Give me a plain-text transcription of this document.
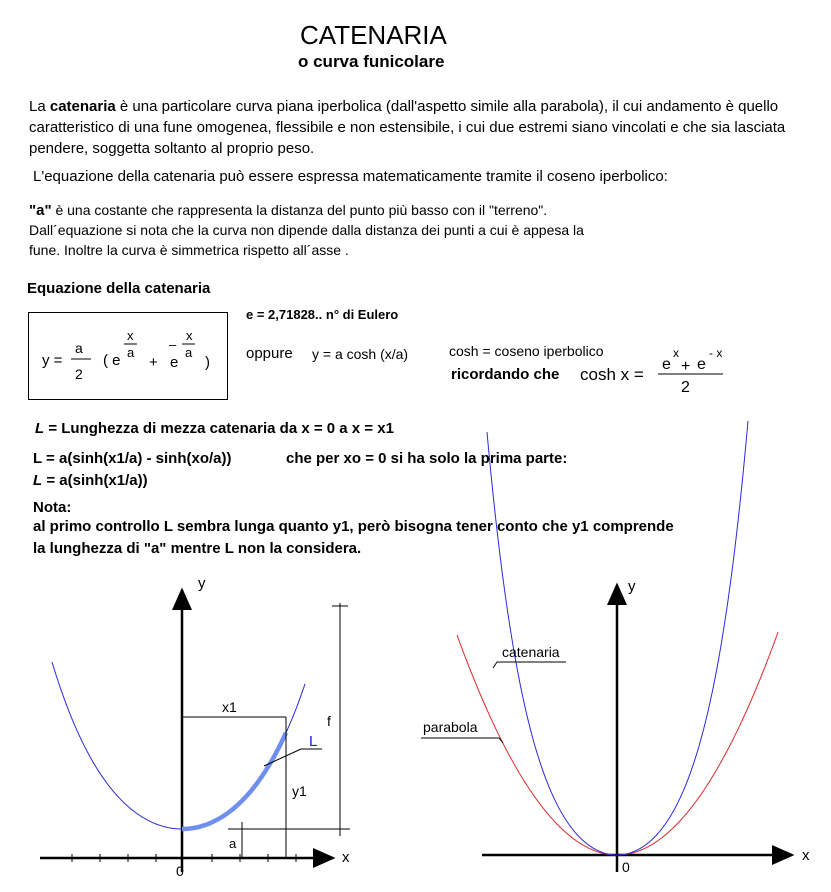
CATENARIA
o curva funicolare
La catenaria è una particolare curva piana iperbolica (dall'aspetto simile alla parabola), il cui andamento è quello
caratteristico di una fune omogenea, flessibile e non estensibile, i cui due estremi siano vincolati e che sia lasciata
pendere, soggetta soltanto al proprio peso.
L'equazione della catenaria può essere espressa matematicamente tramite il coseno iperbolico:
"a" è una costante che rappresenta la distanza del punto più basso con il "terreno".
Dall´equazione si nota che la curva non dipende dalla distanza dei punti a cui è appesa la
fune. Inoltre la curva è simmetrica rispetto all´asse .
Equazione della catenaria
e = 2,71828.. n° di Eulero
y =
a
2
( e
x
a
+ e
–
x
a
)
oppure y = a cosh (x/a)	cosh = coseno iperbolico
ricordando che cosh x =
e
x
+ e
- x
2
L = Lunghezza di mezza catenaria da x = 0 a x = x1
L = a(sinh(x1/a) - sinh(xo/a))	che per xo = 0 si ha solo la prima parte:
L = a(sinh(x1/a))
Nota:
al primo controllo L sembra lunga quanto y1, però bisogna tener conto che y1 comprende
la lunghezza di "a" mentre L non la considera.
y
x
0
x1
f
L
y1
a
y
x
0
catenaria
parabola
